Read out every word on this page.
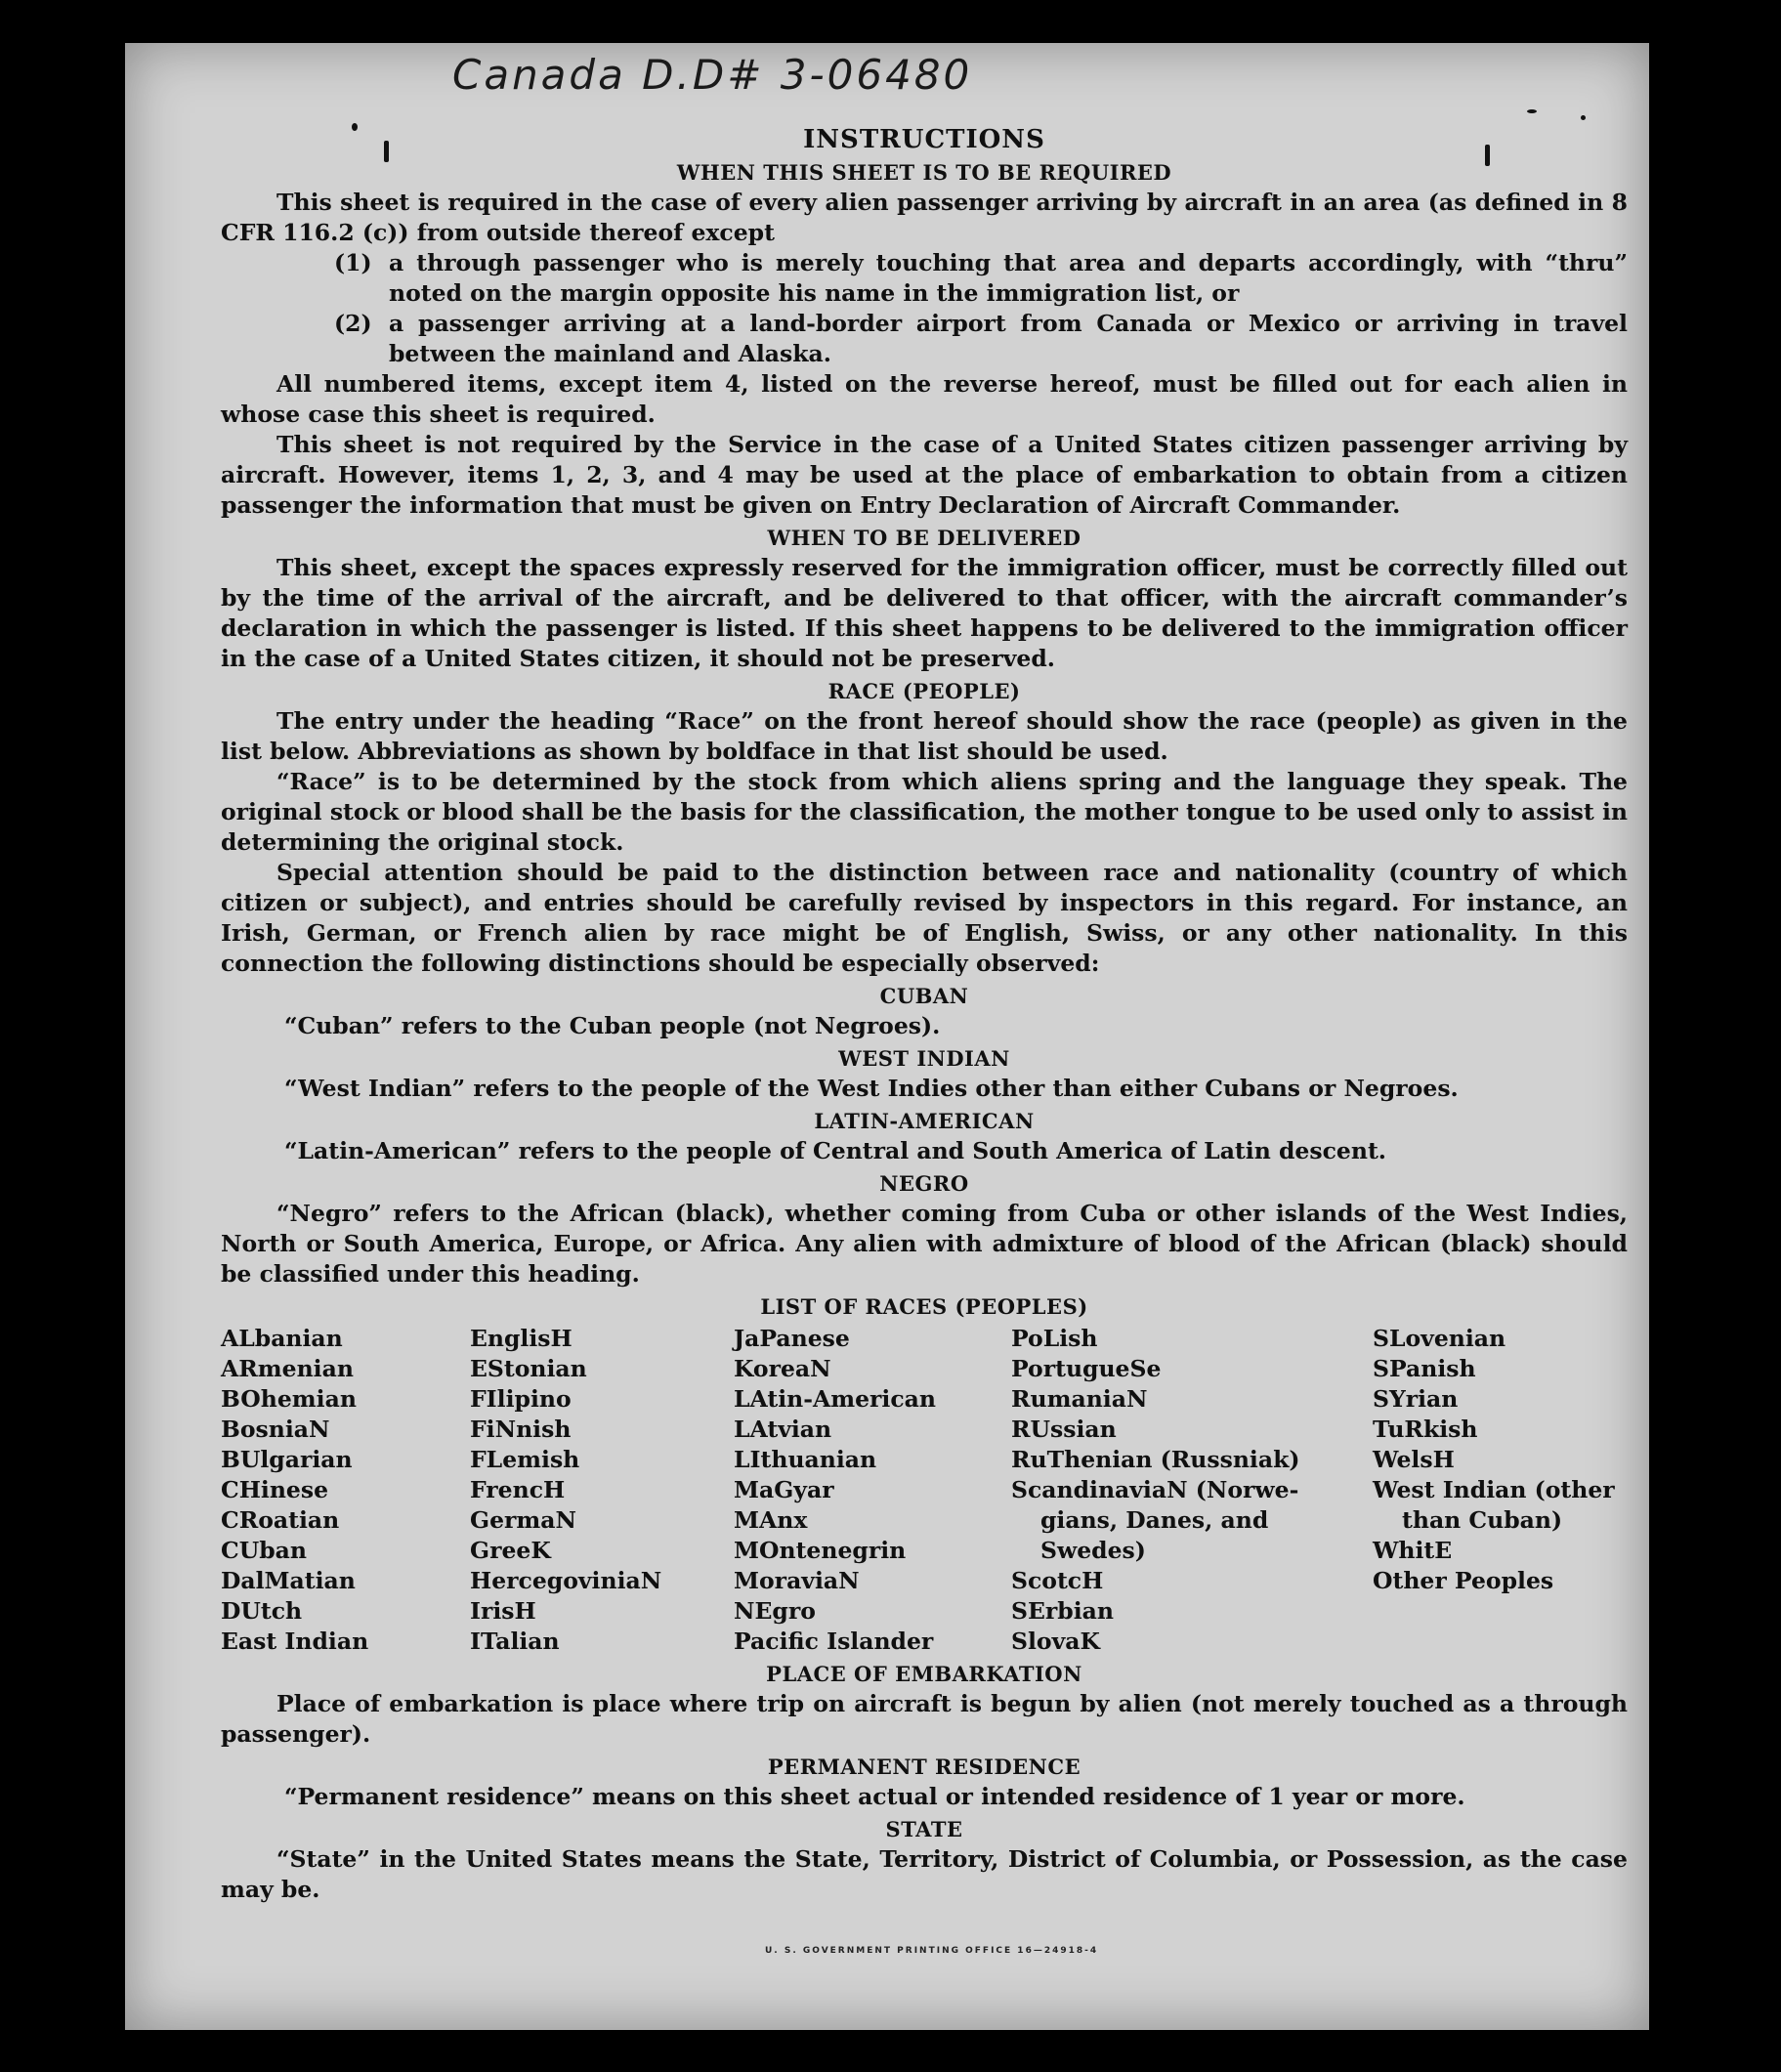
Canada D.D# 3-06480
INSTRUCTIONS
WHEN THIS SHEET IS TO BE REQUIRED

This sheet is required in the case of every alien passenger arriving by aircraft in an area (as defined in 8 CFR 116.2 (c)) from outside thereof except

(1) a through passenger who is merely touching that area and departs accordingly, with “thru” noted on the margin opposite his name in the immigration list, or
(2) a passenger arriving at a land-border airport from Canada or Mexico or arriving in travel between the mainland and Alaska.

All numbered items, except item 4, listed on the reverse hereof, must be filled out for each alien in whose case this sheet is required.

This sheet is not required by the Service in the case of a United States citizen passenger arriving by aircraft. However, items 1, 2, 3, and 4 may be used at the place of embarkation to obtain from a citizen passenger the information that must be given on Entry Declaration of Aircraft Commander.

WHEN TO BE DELIVERED

This sheet, except the spaces expressly reserved for the immigration officer, must be correctly filled out by the time of the arrival of the aircraft, and be delivered to that officer, with the aircraft commander’s declaration in which the passenger is listed. If this sheet happens to be delivered to the immigration officer in the case of a United States citizen, it should not be preserved.

RACE (PEOPLE)

The entry under the heading “Race” on the front hereof should show the race (people) as given in the list below. Abbreviations as shown by boldface in that list should be used.

“Race” is to be determined by the stock from which aliens spring and the language they speak. The original stock or blood shall be the basis for the classification, the mother tongue to be used only to assist in determining the original stock.

Special attention should be paid to the distinction between race and nationality (country of which citizen or subject), and entries should be carefully revised by inspectors in this regard. For instance, an Irish, German, or French alien by race might be of English, Swiss, or any other nationality. In this connection the following distinctions should be especially observed:

CUBAN

“Cuban” refers to the Cuban people (not Negroes).

WEST INDIAN

“West Indian” refers to the people of the West Indies other than either Cubans or Negroes.

LATIN-AMERICAN

“Latin-American” refers to the people of Central and South America of Latin descent.

NEGRO

“Negro” refers to the African (black), whether coming from Cuba or other islands of the West Indies, North or South America, Europe, or Africa. Any alien with admixture of blood of the African (black) should be classified under this heading.

LIST OF RACES (PEOPLES)
ALbanian
ARmenian
BOhemian
BosniaN
BUlgarian
CHinese
CRoatian
CUban
DalMatian
DUtch
East Indian
EnglisH
EStonian
FIlipino
FiNnish
FLemish
FrencH
GermaN
GreeK
HercegoviniaN
IrisH
ITalian
JaPanese
KoreaN
LAtin-American
LAtvian
LIthuanian
MaGyar
MAnx
MOntenegrin
MoraviaN
NEgro
Pacific Islander
PoLish
PortugueSe
RumaniaN
RUssian
RuThenian (Russniak)
ScandinaviaN (Norwe-
gians, Danes, and
Swedes)
ScotcH
SErbian
SlovaK
SLovenian
SPanish
SYrian
TuRkish
WelsH
West Indian (other
than Cuban)
WhitE
Other Peoples
PLACE OF EMBARKATION

Place of embarkation is place where trip on aircraft is begun by alien (not merely touched as a through passenger).

PERMANENT RESIDENCE

“Permanent residence” means on this sheet actual or intended residence of 1 year or more.

STATE

“State” in the United States means the State, Territory, District of Columbia, or Possession, as the case may be.

U. S. GOVERNMENT PRINTING OFFICE 16—24918-4
